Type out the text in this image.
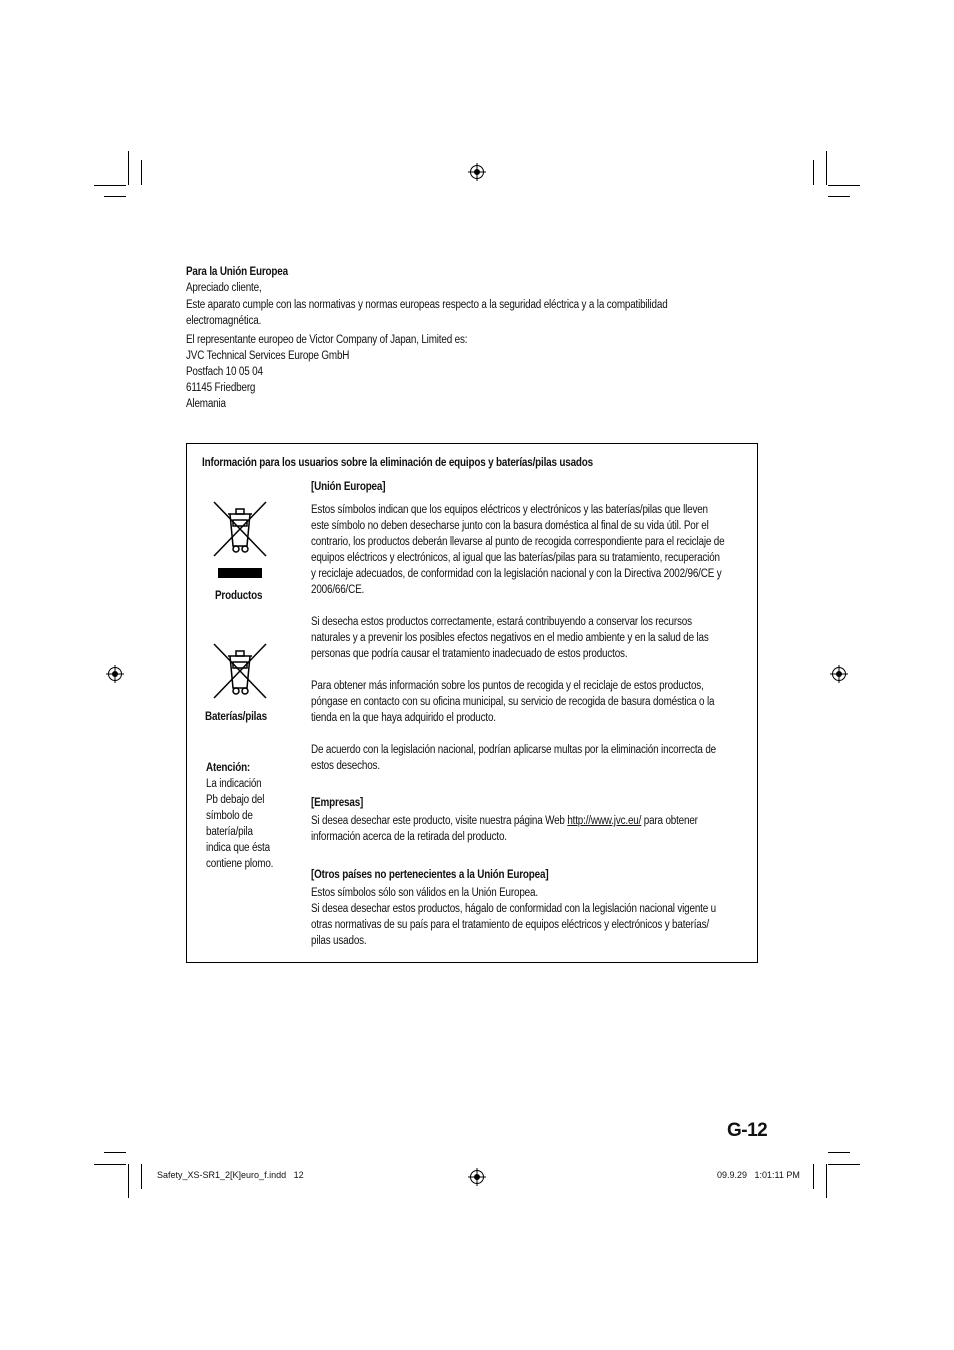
Para la Unión Europea
Apreciado cliente,
Este aparato cumple con las normativas y normas europeas respecto a la seguridad eléctrica y a la compatibilidad
electromagnética.
El representante europeo de Victor Company of Japan, Limited es:
JVC Technical Services Europe GmbH
Postfach 10 05 04
61145 Friedberg
Alemania
Información para los usuarios sobre la eliminación de equipos y baterías/pilas usados
Productos
Baterías/pilas
Atención:
La indicación
Pb debajo del
símbolo de
batería/pila
indica que ésta
contiene plomo.
[Unión Europea]
Estos símbolos indican que los equipos eléctricos y electrónicos y las baterías/pilas que lleven
este símbolo no deben desecharse junto con la basura doméstica al final de su vida útil. Por el
contrario, los productos deberán llevarse al punto de recogida correspondiente para el reciclaje de
equipos eléctricos y electrónicos, al igual que las baterías/pilas para su tratamiento, recuperación
y reciclaje adecuados, de conformidad con la legislación nacional y con la Directiva 2002/96/CE y
2006/66/CE.
Si desecha estos productos correctamente, estará contribuyendo a conservar los recursos
naturales y a prevenir los posibles efectos negativos en el medio ambiente y en la salud de las
personas que podría causar el tratamiento inadecuado de estos productos.
Para obtener más información sobre los puntos de recogida y el reciclaje de estos productos,
póngase en contacto con su oficina municipal, su servicio de recogida de basura doméstica o la
tienda en la que haya adquirido el producto.
De acuerdo con la legislación nacional, podrían aplicarse multas por la eliminación incorrecta de
estos desechos.
[Empresas]
Si desea desechar este producto, visite nuestra página Web http://www.jvc.eu/ para obtener
información acerca de la retirada del producto.
[Otros países no pertenecientes a la Unión Europea]
Estos símbolos sólo son válidos en la Unión Europea.
Si desea desechar estos productos, hágalo de conformidad con la legislación nacional vigente u
otras normativas de su país para el tratamiento de equipos eléctricos y electrónicos y baterías/
pilas usados.
G-12
Safety_XS-SR1_2[K]euro_f.indd   12	09.9.29   1:01:11 PM
